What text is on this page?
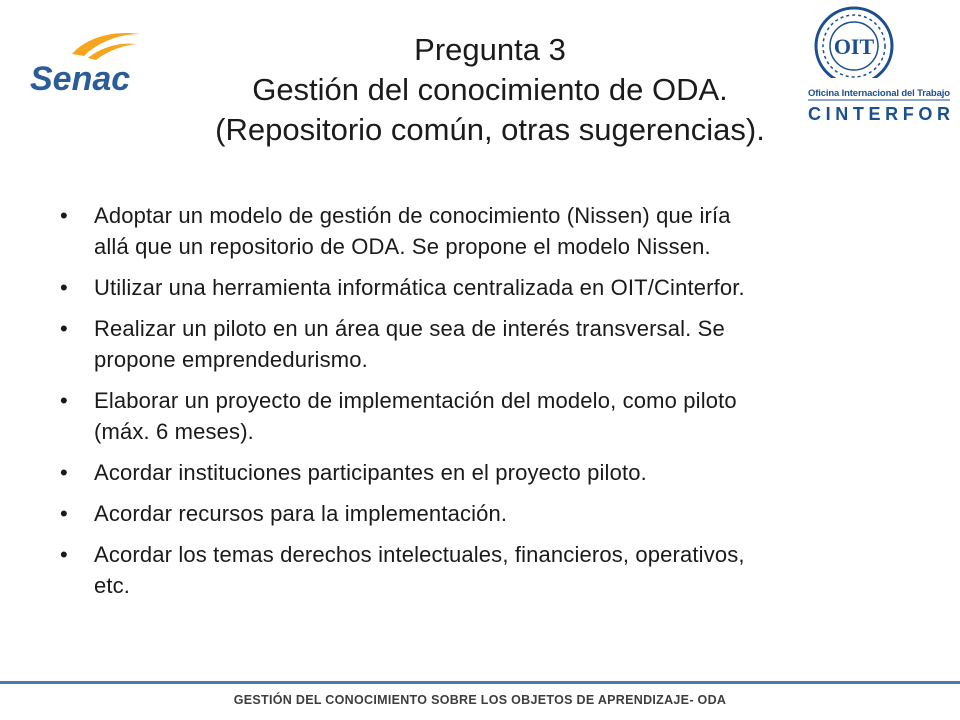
Senac
OIT
Oficina Internacional del Trabajo
CINTERFOR
Pregunta 3
Gestión del conocimiento de ODA.
(Repositorio común, otras sugerencias).
• Adoptar un modelo de gestión de conocimiento (Nissen) que iría
allá que un repositorio de ODA. Se propone el modelo Nissen.
• Utilizar una herramienta informática centralizada en OIT/Cinterfor.
• Realizar un piloto en un área que sea de interés transversal. Se
propone emprendedurismo.
• Elaborar un proyecto de implementación del modelo, como piloto
(máx. 6 meses).
• Acordar instituciones participantes en el proyecto piloto.
• Acordar recursos para la implementación.
• Acordar los temas derechos intelectuales, financieros, operativos,
etc.
GESTIÓN DEL CONOCIMIENTO SOBRE LOS OBJETOS DE APRENDIZAJE- ODA
